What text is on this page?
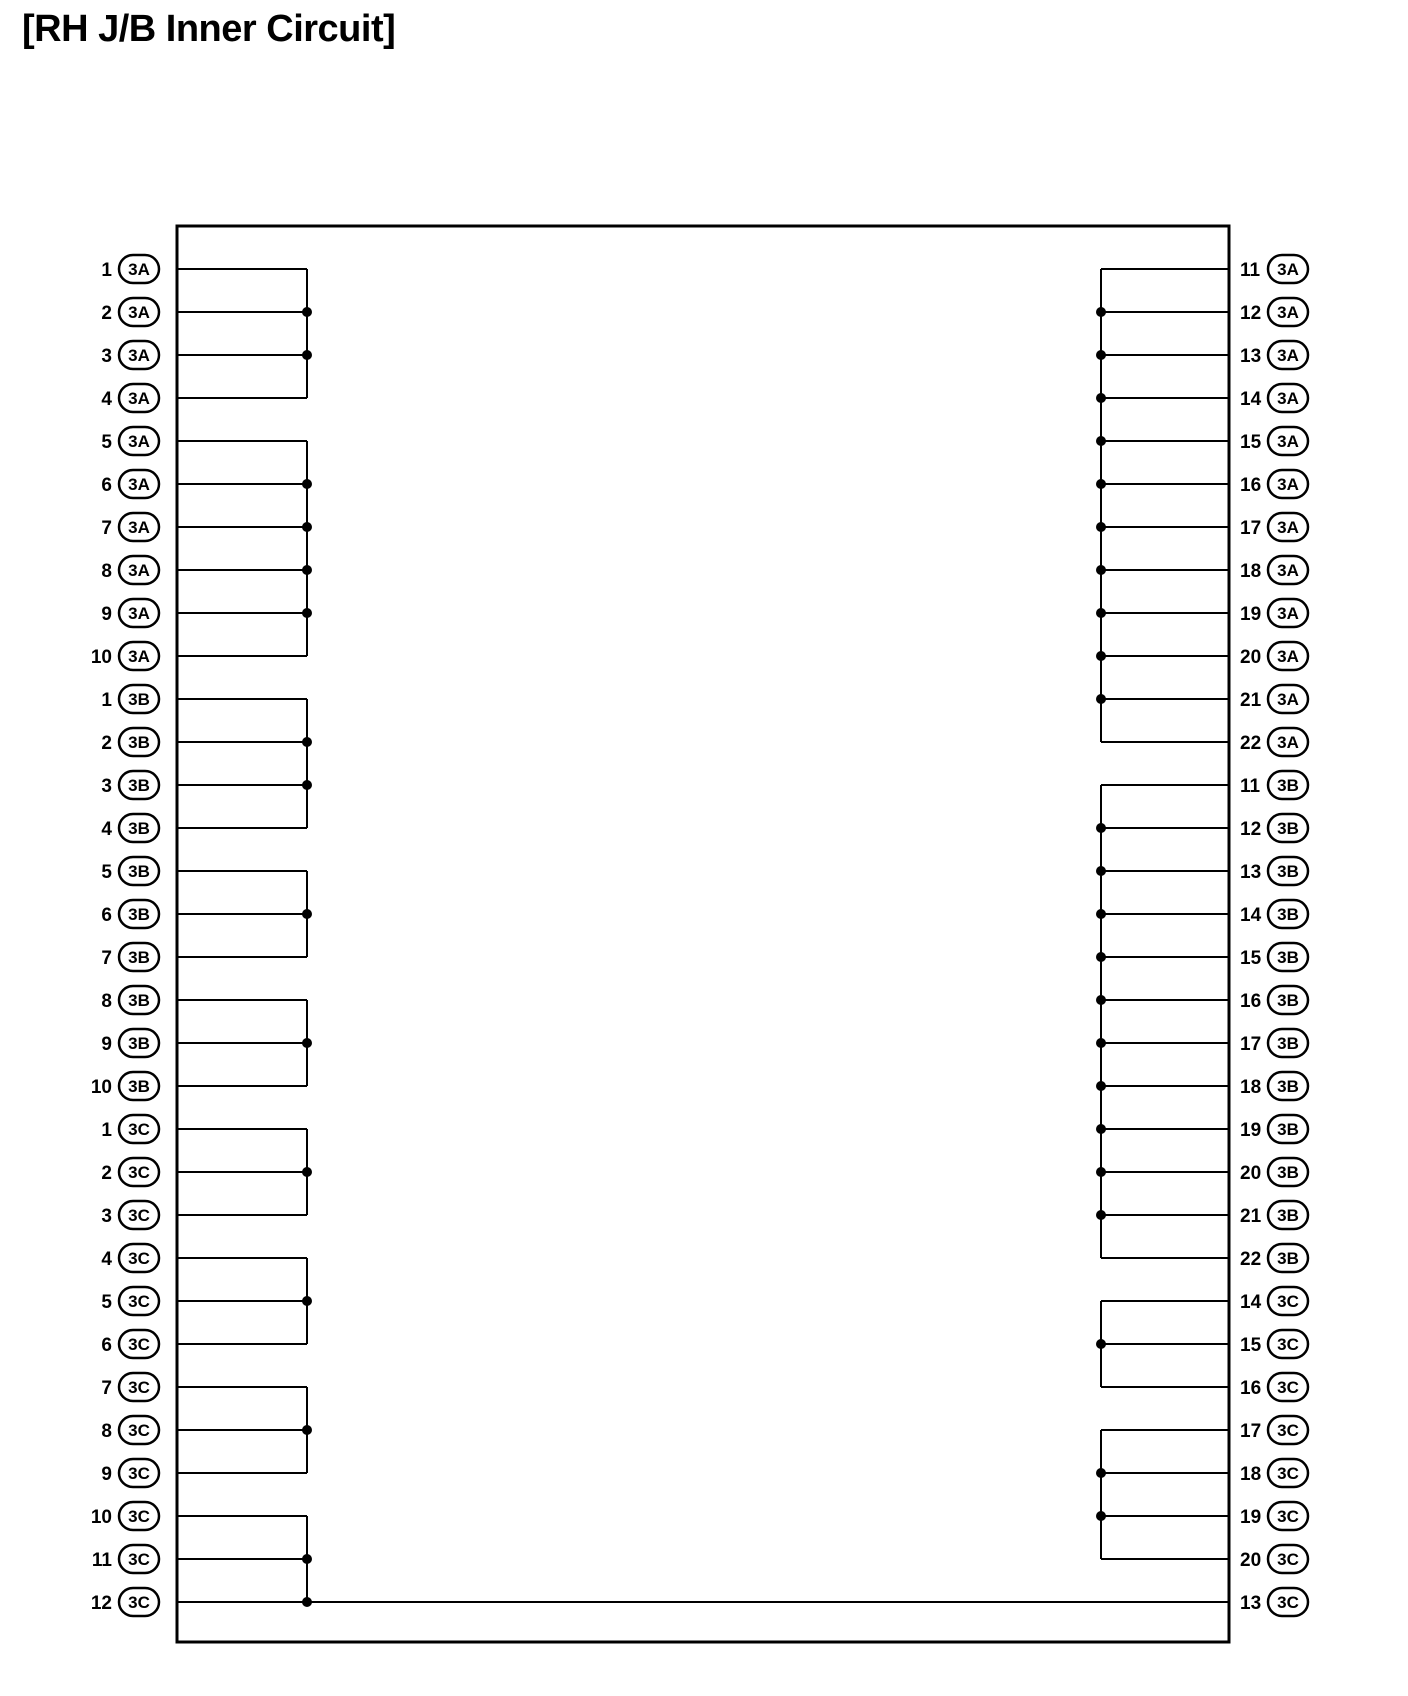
[RH J/B Inner Circuit]
1 3A
2 3A
3 3A
4 3A
5 3A
6 3A
7 3A
8 3A
9 3A
10 3A
1 3B
2 3B
3 3B
4 3B
5 3B
6 3B
7 3B
8 3B
9 3B
10 3B
1 3C
2 3C
3 3C
4 3C
5 3C
6 3C
7 3C
8 3C
9 3C
10 3C
11 3C
12 3C
11 3A
12 3A
13 3A
14 3A
15 3A
16 3A
17 3A
18 3A
19 3A
20 3A
21 3A
22 3A
11 3B
12 3B
13 3B
14 3B
15 3B
16 3B
17 3B
18 3B
19 3B
20 3B
21 3B
22 3B
14 3C
15 3C
16 3C
17 3C
18 3C
19 3C
20 3C
13 3C
